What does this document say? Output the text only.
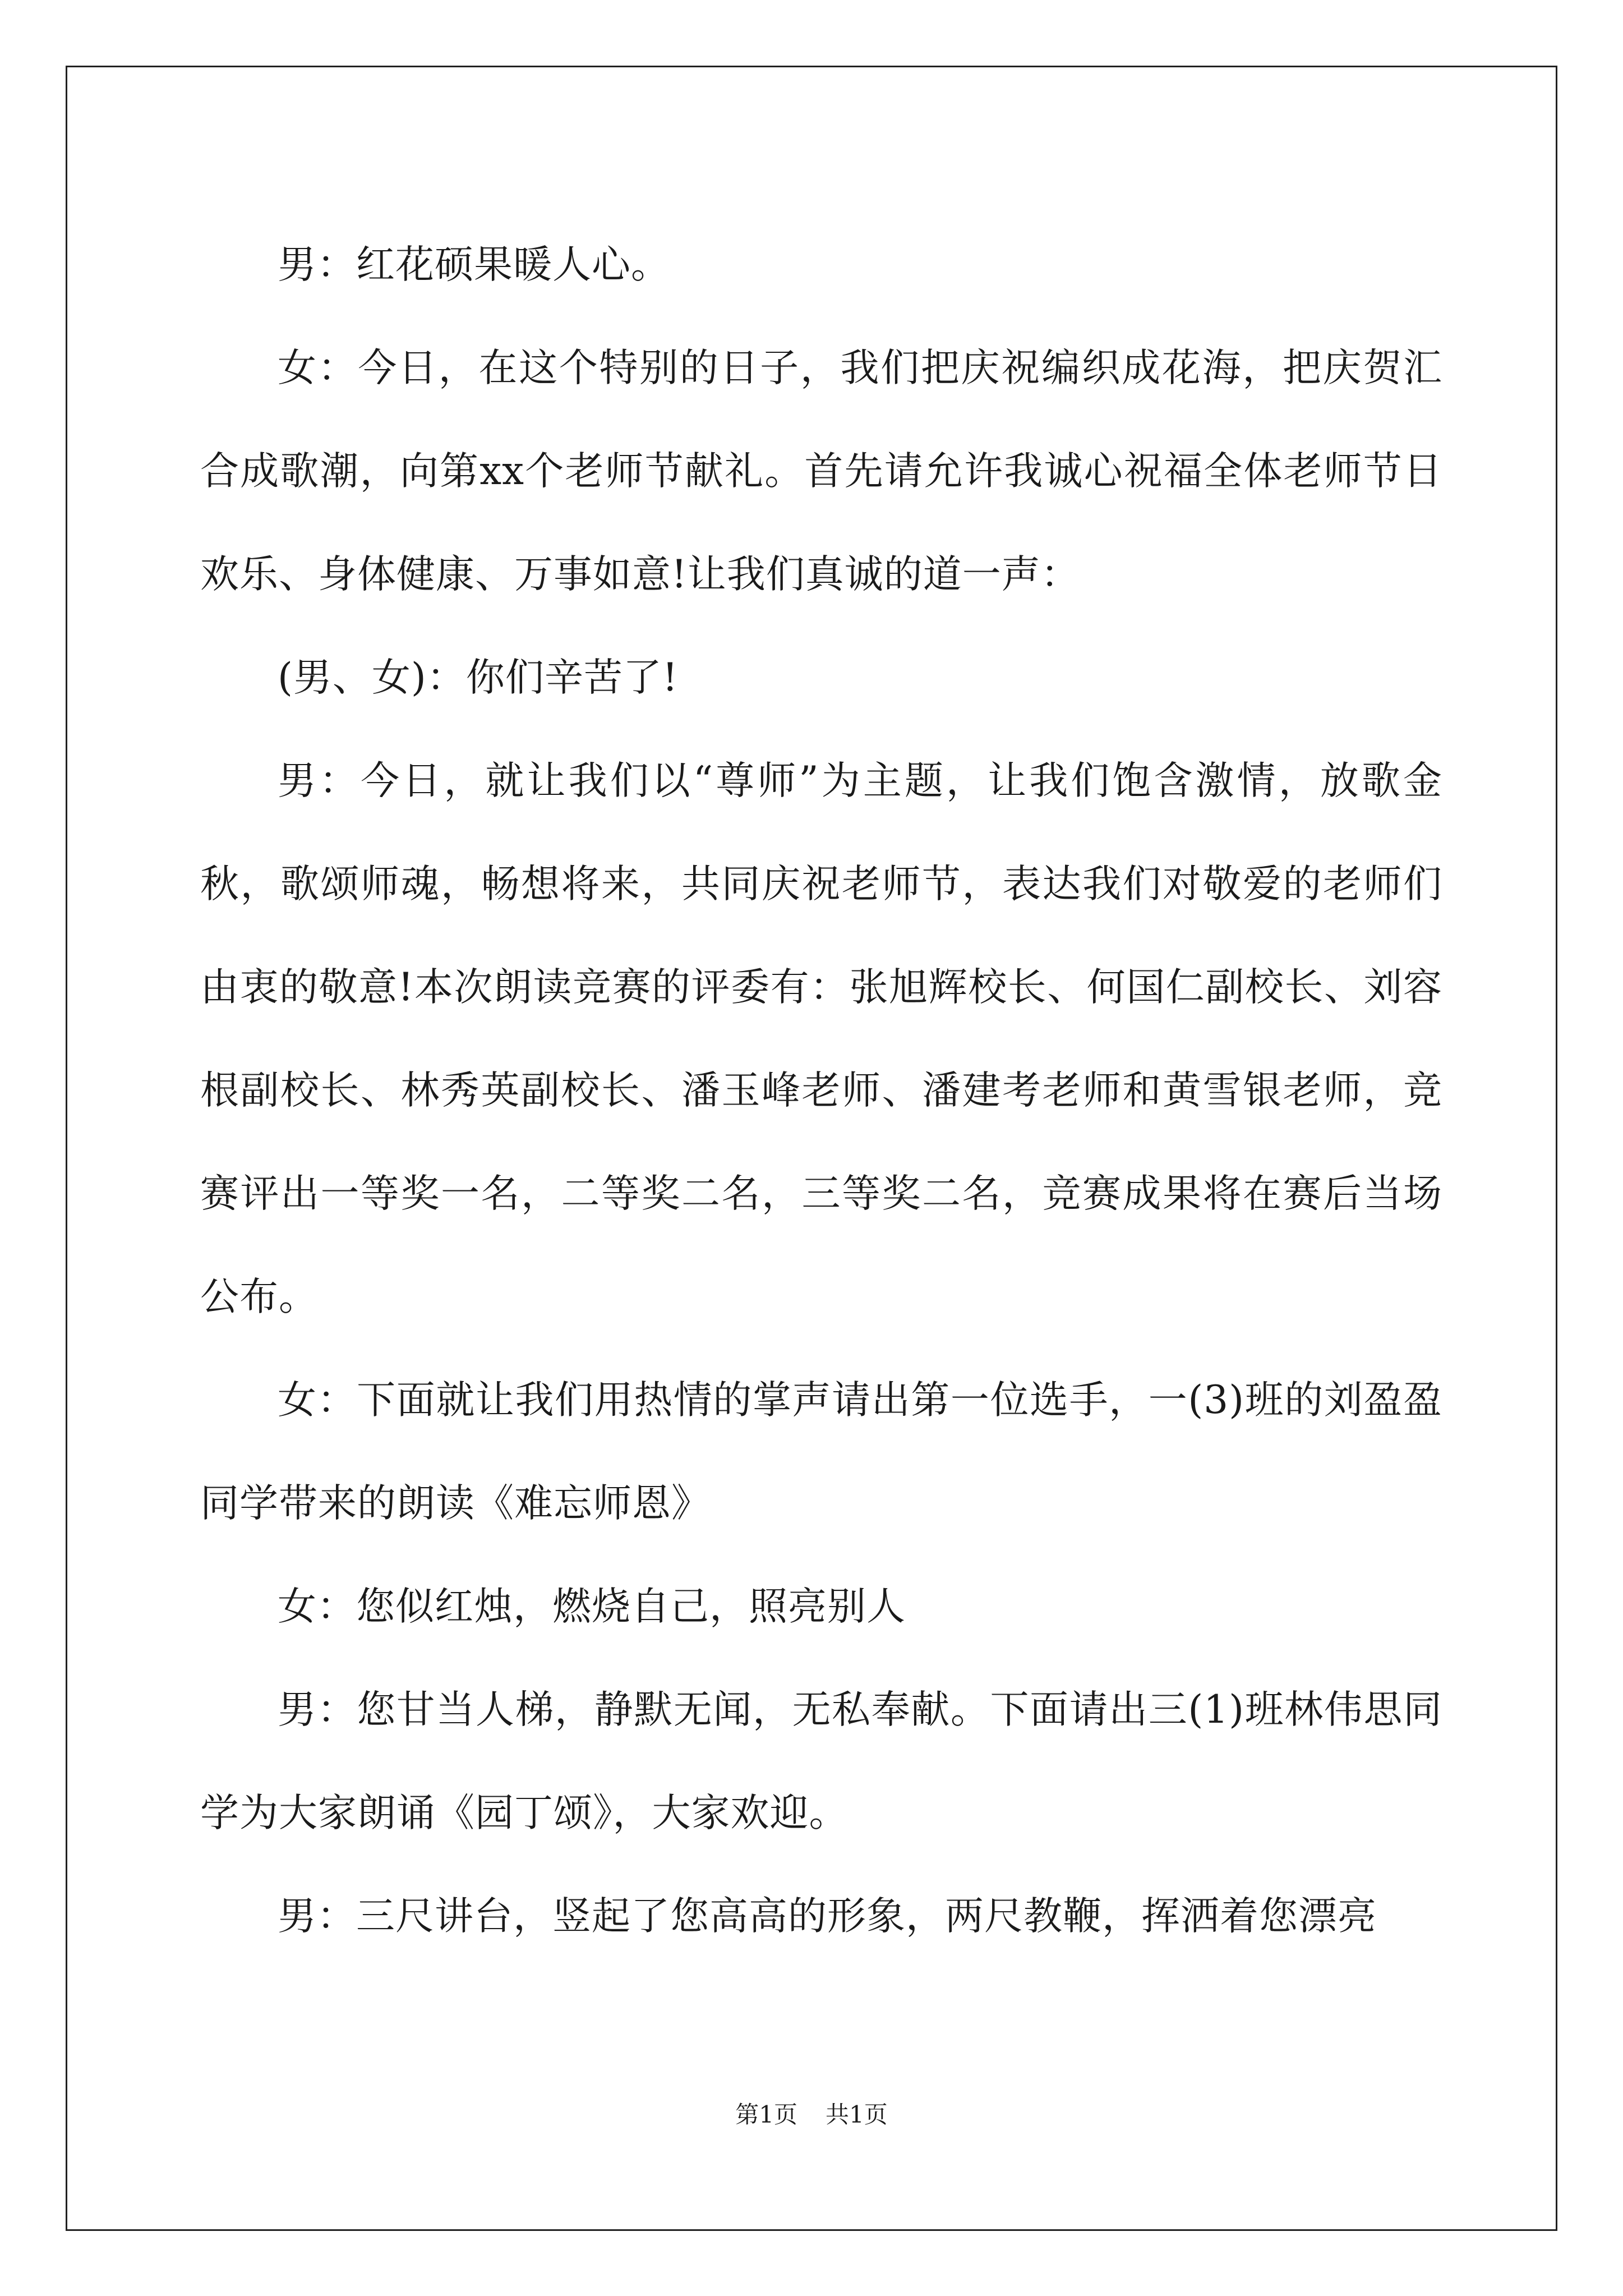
男：红花硕果暖人心。

女：今日，在这个特别的日子，我们把庆祝编织成花海，把庆贺汇合成歌潮，向第xx个老师节献礼。首先请允许我诚心祝福全体老师节日欢乐、身体健康、万事如意!让我们真诚的道一声：

(男、女)：你们辛苦了!

男：今日，就让我们以“尊师”为主题，让我们饱含激情，放歌金秋，歌颂师魂，畅想将来，共同庆祝老师节，表达我们对敬爱的老师们由衷的敬意!本次朗读竞赛的评委有：张旭辉校长、何国仁副校长、刘容根副校长、林秀英副校长、潘玉峰老师、潘建考老师和黄雪银老师，竞赛评出一等奖一名，二等奖二名，三等奖二名，竞赛成果将在赛后当场公布。

女：下面就让我们用热情的掌声请出第一位选手，一(3)班的刘盈盈同学带来的朗读《难忘师恩》

女：您似红烛，燃烧自己，照亮别人

男：您甘当人梯，静默无闻，无私奉献。下面请出三(1)班林伟思同学为大家朗诵《园丁颂》，大家欢迎。

男：三尺讲台，竖起了您高高的形象，两尺教鞭，挥洒着您漂亮

第1页 共1页
